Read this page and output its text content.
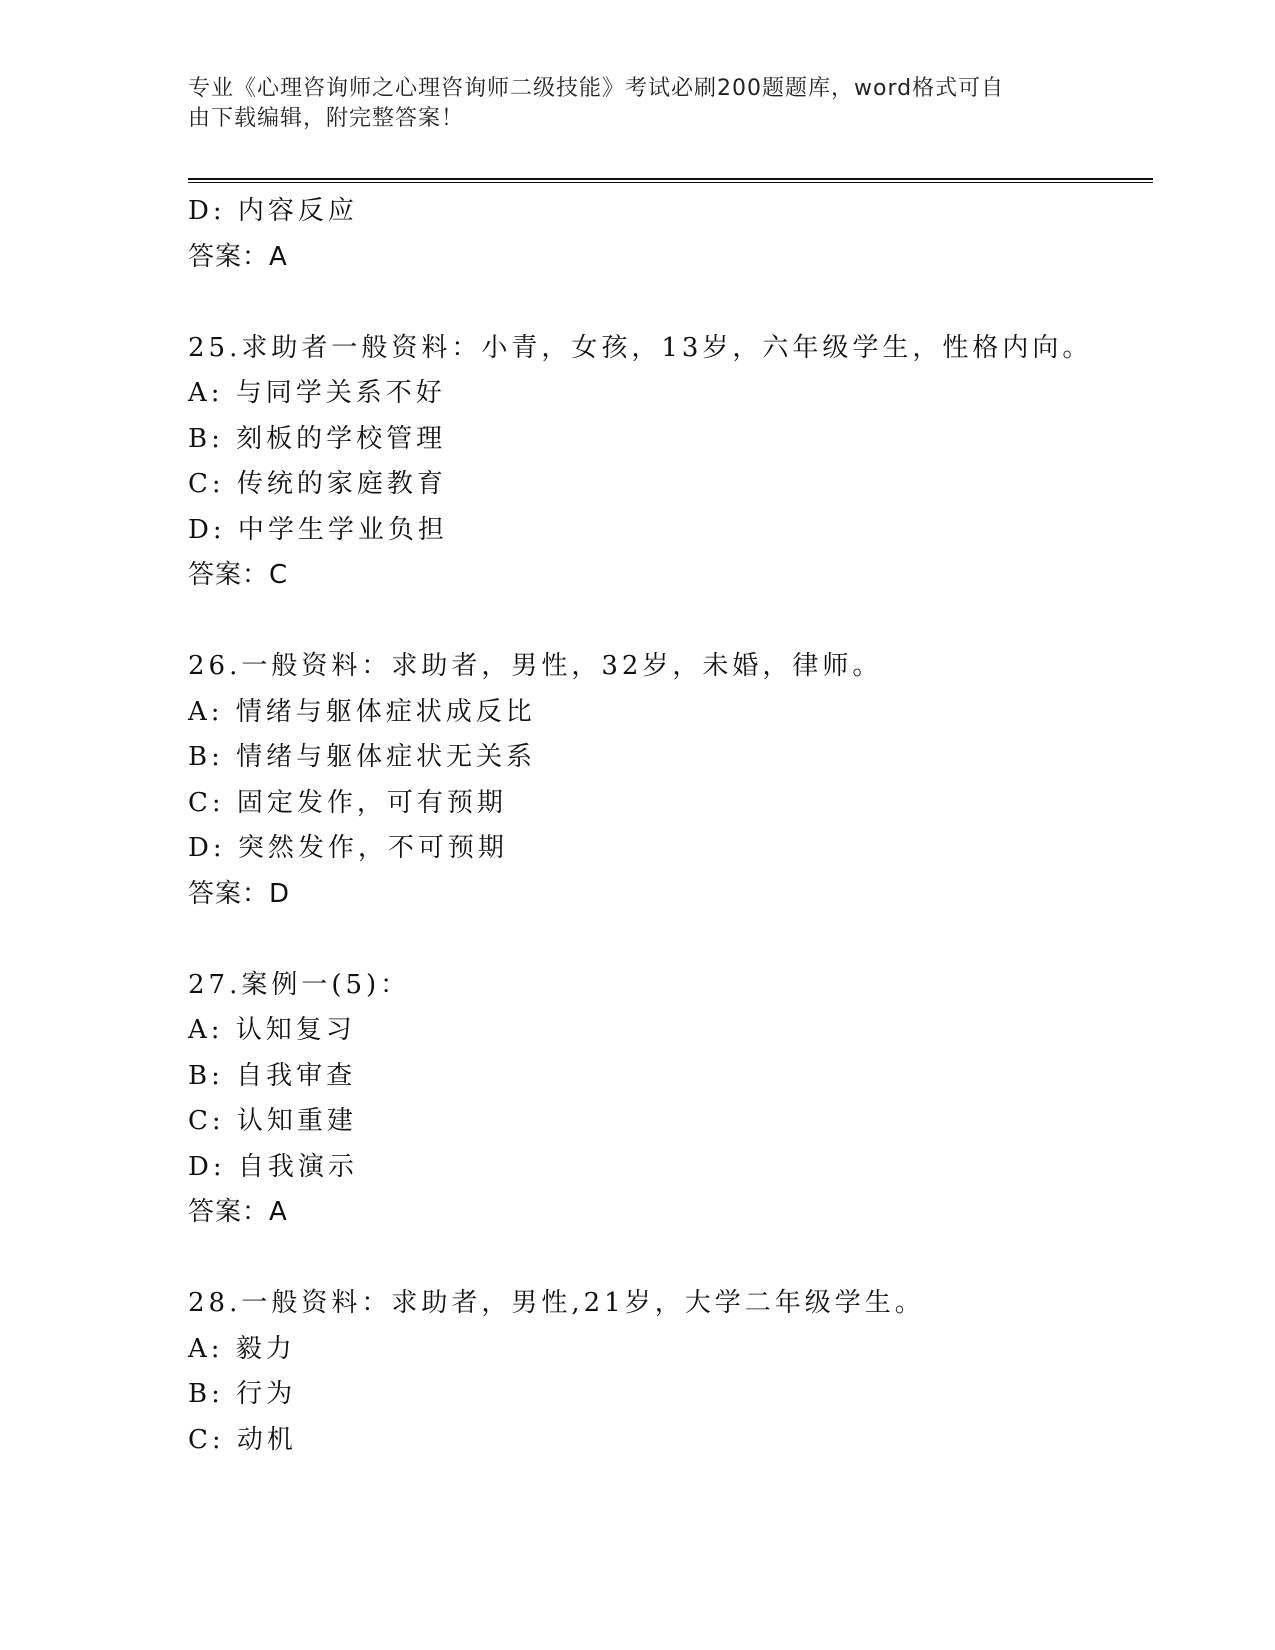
专业《心理咨询师之心理咨询师二级技能》考试必刷200题题库，word格式可自
由下载编辑，附完整答案！
D: 内容反应
答案：A
25.求助者一般资料：小青，女孩，13岁，六年级学生，性格内向。
A: 与同学关系不好
B: 刻板的学校管理
C: 传统的家庭教育
D: 中学生学业负担
答案：C
26.一般资料：求助者，男性，32岁，未婚，律师。
A: 情绪与躯体症状成反比
B: 情绪与躯体症状无关系
C: 固定发作，可有预期
D: 突然发作，不可预期
答案：D
27.案例一(5)：
A: 认知复习
B: 自我审查
C: 认知重建
D: 自我演示
答案：A
28.一般资料：求助者，男性,21岁，大学二年级学生。
A: 毅力
B: 行为
C: 动机
